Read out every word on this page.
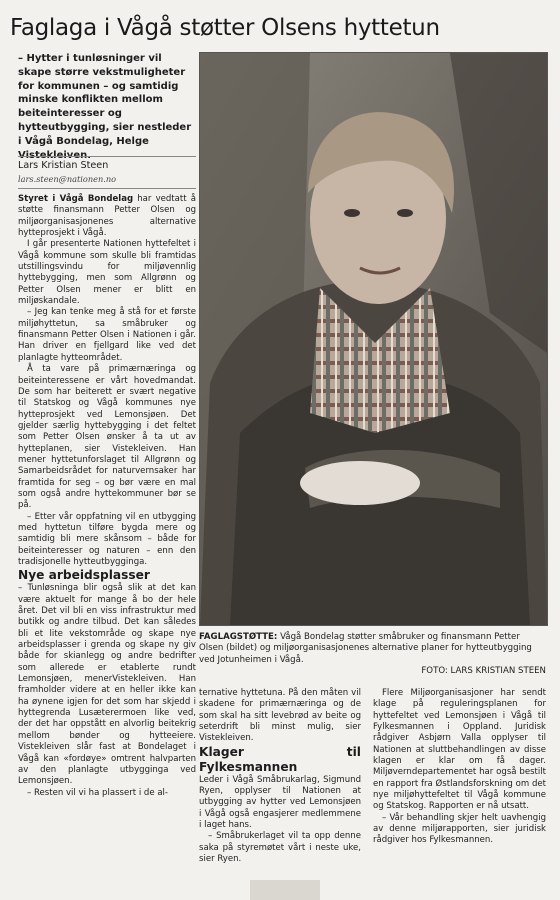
Faglaga i Vågå støtter Olsens hyttetun

– Hytter i tunløsninger vil skape større vekstmuligheter for kommunen – og samtidig minske konflikten mellom beiteinteresser og hytteutbygging, sier nestleder i Vågå Bondelag, Helge

Lars Kristian Steen
lars.steen@nationen.no

Styret i Vågå Bondelag har vedtatt å støtte finansmann Petter Olsen og miljøorganisasjonenes alternative hytteprosjekt i Vågå.

I går presenterte Nationen hyttefeltet i Vågå kommune som skulle bli framtidas utstillingsvindu for miljøvennlig hyttebygging, men som Allgrønn og Petter Olsen mener er blitt en miljøskandale.

– Jeg kan tenke meg å stå for et første miljøhyttetun, sa småbruker og finansmann Petter Olsen i Nationen i går. Han driver en fjellgard like ved det planlagte hytteområdet.

Å ta vare på primærnæringa og beiteinteressene er vårt hovedmandat. De som har beiterett er svært negative til Statskog og Vågå kommunes nye hytteprosjekt ved Lemonsjøen. Det gjelder særlig hyttebygging i det feltet som Petter Olsen ønsker å ta ut av hytteplanen, sier Vistekleiven. Han mener hyttetunforslaget til Allgrønn og Samarbeidsrådet for naturvernsaker har framtida for seg – og bør være en mal som også andre hyttekommuner bør se på.

– Etter vår oppfatning vil en utbygging med hyttetun tilføre bygda mere og samtidig bli mere skånsom – både for beiteinteresser og naturen – enn den tradisjonelle hytteutbygginga.

Nye arbeidsplasser

– Tunløsninga blir også slik at det kan være aktuelt for mange å bo der hele året. Det vil bli en viss infrastruktur med butikk og andre tilbud. Det kan således bli et lite vekstområde og skape nye arbeidsplasser i grenda og skape ny giv både for skianlegg og andre bedrifter som allerede er etablerte rundt Lemonsjøen, menerVistekleiven. Han framholder videre at en heller ikke kan ha øynene igjen for det som har skjedd i hyttegrenda Lusæterermoen like ved, der det har oppstått en alvorlig beitekrig mellom bønder og hytteeiere. Vistekleiven slår fast at Bondelaget i Vågå kan «fordøye» omtrent halvparten av den planlagte utbygginga ved Lemonsjøen.

– Resten vil vi ha plassert i de al-

FAGLAGSTØTTE: Vågå Bondelag støtter småbruker og finansmann Petter Olsen (bildet) og miljøorganisasjonenes alternative planer for hytteutbygging ved Jotunheimen i Vågå.
FOTO: LARS KRISTIAN STEEN

ternative hyttetuna. På den måten vil skadene for primærnæringa og de som skal ha sitt levebrød av beite og seterdrift bli minst mulig, sier Vistekleiven.

Klager til Fylkesmannen

Leder i Vågå Småbrukarlag, Sigmund Ryen, opplyser til Nationen at utbygging av hytter ved Lemonsjøen i Vågå også engasjerer medlemmene i laget hans.

– Småbrukerlaget vil ta opp denne saka på styremøtet vårt i neste uke, sier Ryen.

Flere Miljøorganisasjoner har sendt klage på reguleringsplanen for hyttefeltet ved Lemonsjøen i Vågå til Fylkesmannen i Oppland. Juridisk rådgiver Asbjørn Valla opplyser til Nationen at sluttbehandlingen av disse klagen er klar om få dager. Miljøverndepartementet har også bestilt en rapport fra Østlandsforskning om det nye miljøhyttefeltet til Vågå kommune og Statskog. Rapporten er nå utsatt.

– Vår behandling skjer helt uavhengig av denne miljørapporten, sier juridisk rådgiver hos Fylkesmannen.
